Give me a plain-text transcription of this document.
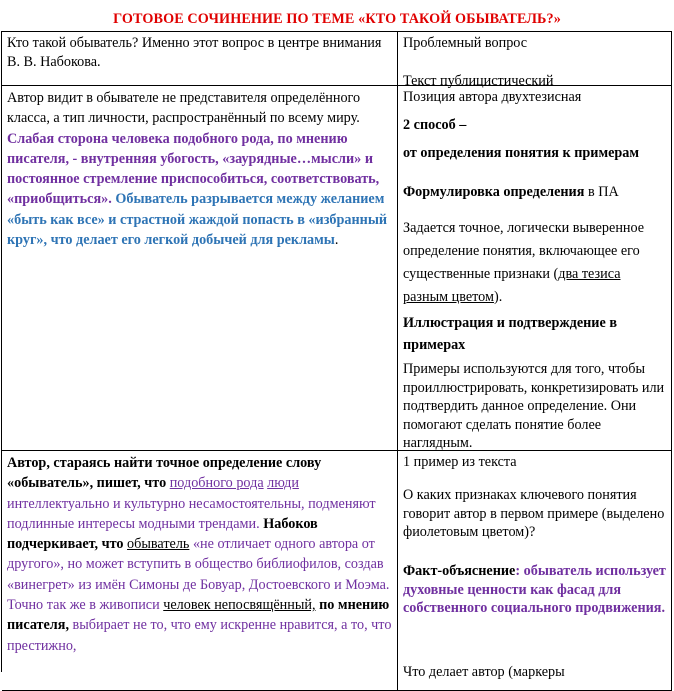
ГОТОВОЕ СОЧИНЕНИЕ ПО ТЕМЕ «КТО ТАКОЙ ОБЫВАТЕЛЬ?»

Кто такой обыватель? Именно этот вопрос в центре внимания В. В. Набокова.

Проблемный вопрос

Текст публицистический

Автор видит в обывателе не представителя определённого класса, а тип личности, распространённый по всему миру. Слабая сторона человека подобного рода, по мнению писателя, - внутренняя убогость, «заурядные…мысли» и постоянное стремление приспособиться, соответствовать, «приобщиться». Обыватель разрывается между желанием «быть как все» и страстной жаждой попасть в «избранный круг», что делает его легкой добычей для рекламы.

Позиция автора двухтезисная

2 способ –

от определения понятия к примерам

Формулировка определения в ПА

Задается точное, логически выверенное определение понятия, включающее его существенные признаки (два тезиса разным цветом).

Иллюстрация и подтверждение в примерах

Примеры используются для того, чтобы проиллюстрировать, конкретизировать или подтвердить данное определение. Они помогают сделать понятие более наглядным.

Автор, стараясь найти точное определение слову «обыватель», пишет, что подобного рода люди интеллектуально и культурно несамостоятельны, подменяют подлинные интересы модными трендами. Набоков подчеркивает, что обыватель «не отличает одного автора от другого», но может вступить в общество библиофилов, создав «винегрет» из имён Симоны де Бовуар, Достоевского и Моэма. Точно так же в живописи человек непосвящённый, по мнению писателя, выбирает не то, что ему искренне нравится, а то, что престижно,

1 пример из текста

О каких признаках ключевого понятия говорит автор в первом примере (выделено фиолетовым цветом)?

Факт-объяснение: обыватель использует духовные ценности как фасад для собственного социального продвижения.

Что делает автор (маркеры
